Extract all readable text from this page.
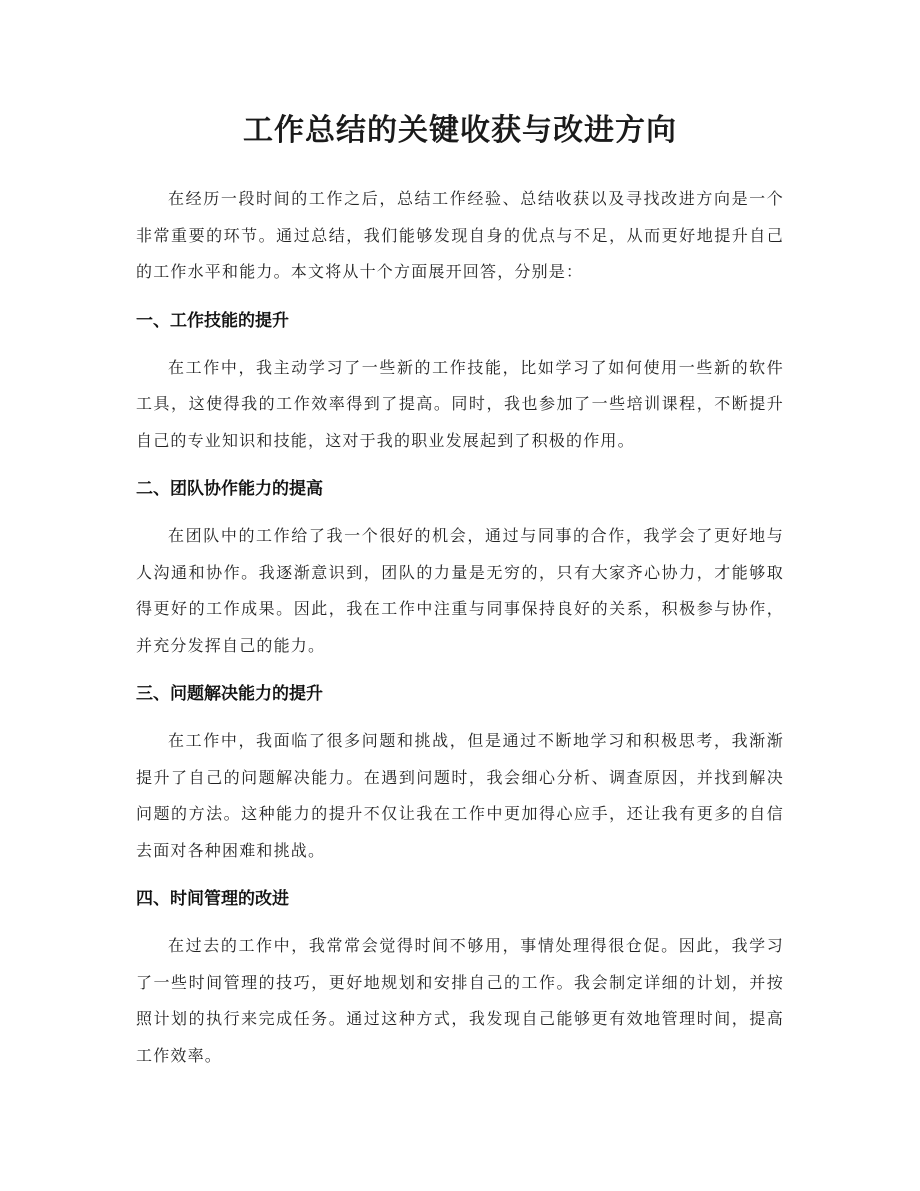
工作总结的关键收获与改进方向

在经历一段时间的工作之后，总结工作经验、总结收获以及寻找改进方向是一个非常重要的环节。通过总结，我们能够发现自身的优点与不足，从而更好地提升自己的工作水平和能力。本文将从十个方面展开回答，分别是：

一、工作技能的提升

在工作中，我主动学习了一些新的工作技能，比如学习了如何使用一些新的软件工具，这使得我的工作效率得到了提高。同时，我也参加了一些培训课程，不断提升自己的专业知识和技能，这对于我的职业发展起到了积极的作用。

二、团队协作能力的提高

在团队中的工作给了我一个很好的机会，通过与同事的合作，我学会了更好地与人沟通和协作。我逐渐意识到，团队的力量是无穷的，只有大家齐心协力，才能够取得更好的工作成果。因此，我在工作中注重与同事保持良好的关系，积极参与协作，并充分发挥自己的能力。

三、问题解决能力的提升

在工作中，我面临了很多问题和挑战，但是通过不断地学习和积极思考，我渐渐提升了自己的问题解决能力。在遇到问题时，我会细心分析、调查原因，并找到解决问题的方法。这种能力的提升不仅让我在工作中更加得心应手，还让我有更多的自信去面对各种困难和挑战。

四、时间管理的改进

在过去的工作中，我常常会觉得时间不够用，事情处理得很仓促。因此，我学习了一些时间管理的技巧，更好地规划和安排自己的工作。我会制定详细的计划，并按照计划的执行来完成任务。通过这种方式，我发现自己能够更有效地管理时间，提高工作效率。
